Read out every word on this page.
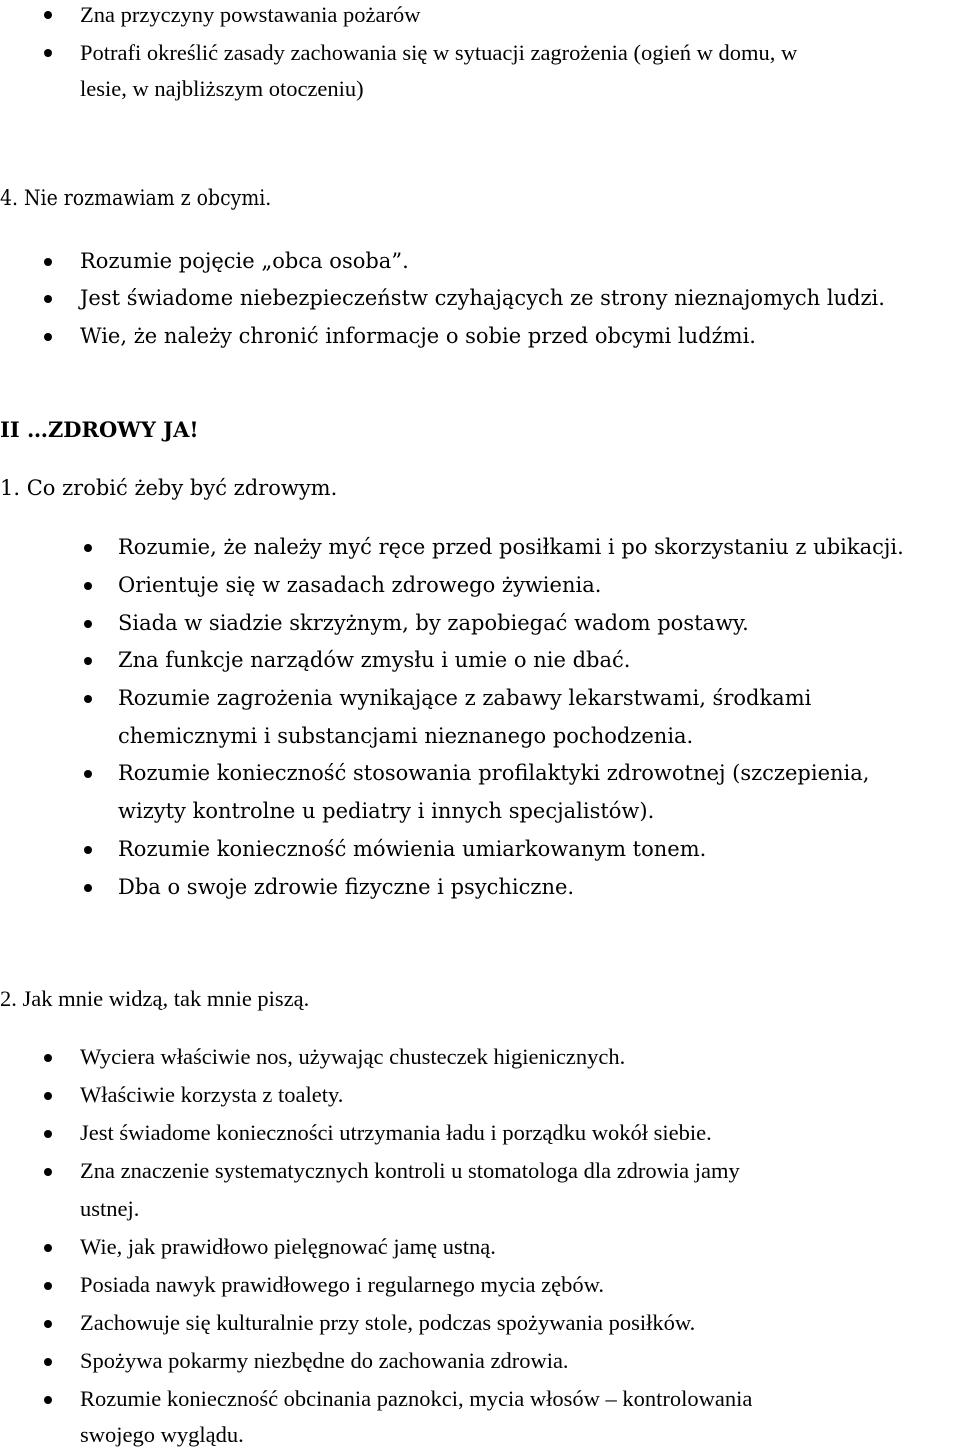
Zna przyczyny powstawania pożarów
Potrafi określić zasady zachowania się w sytuacji zagrożenia (ogień w domu, w
lesie, w najbliższym otoczeniu)
4. Nie rozmawiam z obcymi.
Rozumie pojęcie „obca osoba”.
Jest świadome niebezpieczeństw czyhających ze strony nieznajomych ludzi.
Wie, że należy chronić informacje o sobie przed obcymi ludźmi.
II …ZDROWY JA!
1. Co zrobić żeby być zdrowym.
Rozumie, że należy myć ręce przed posiłkami i po skorzystaniu z ubikacji.
Orientuje się w zasadach zdrowego żywienia.
Siada w siadzie skrzyżnym, by zapobiegać wadom postawy.
Zna funkcje narządów zmysłu i umie o nie dbać.
Rozumie zagrożenia wynikające z zabawy lekarstwami, środkami
chemicznymi i substancjami nieznanego pochodzenia.
Rozumie konieczność stosowania profilaktyki zdrowotnej (szczepienia,
wizyty kontrolne u pediatry i innych specjalistów).
Rozumie konieczność mówienia umiarkowanym tonem.
Dba o swoje zdrowie fizyczne i psychiczne.
2. Jak mnie widzą, tak mnie piszą.
Wyciera właściwie nos, używając chusteczek higienicznych.
Właściwie korzysta z toalety.
Jest świadome konieczności utrzymania ładu i porządku wokół siebie.
Zna znaczenie systematycznych kontroli u stomatologa dla zdrowia jamy
ustnej.
Wie, jak prawidłowo pielęgnować jamę ustną.
Posiada nawyk prawidłowego i regularnego mycia zębów.
Zachowuje się kulturalnie przy stole, podczas spożywania posiłków.
Spożywa pokarmy niezbędne do zachowania zdrowia.
Rozumie konieczność obcinania paznokci, mycia włosów – kontrolowania
swojego wyglądu.
